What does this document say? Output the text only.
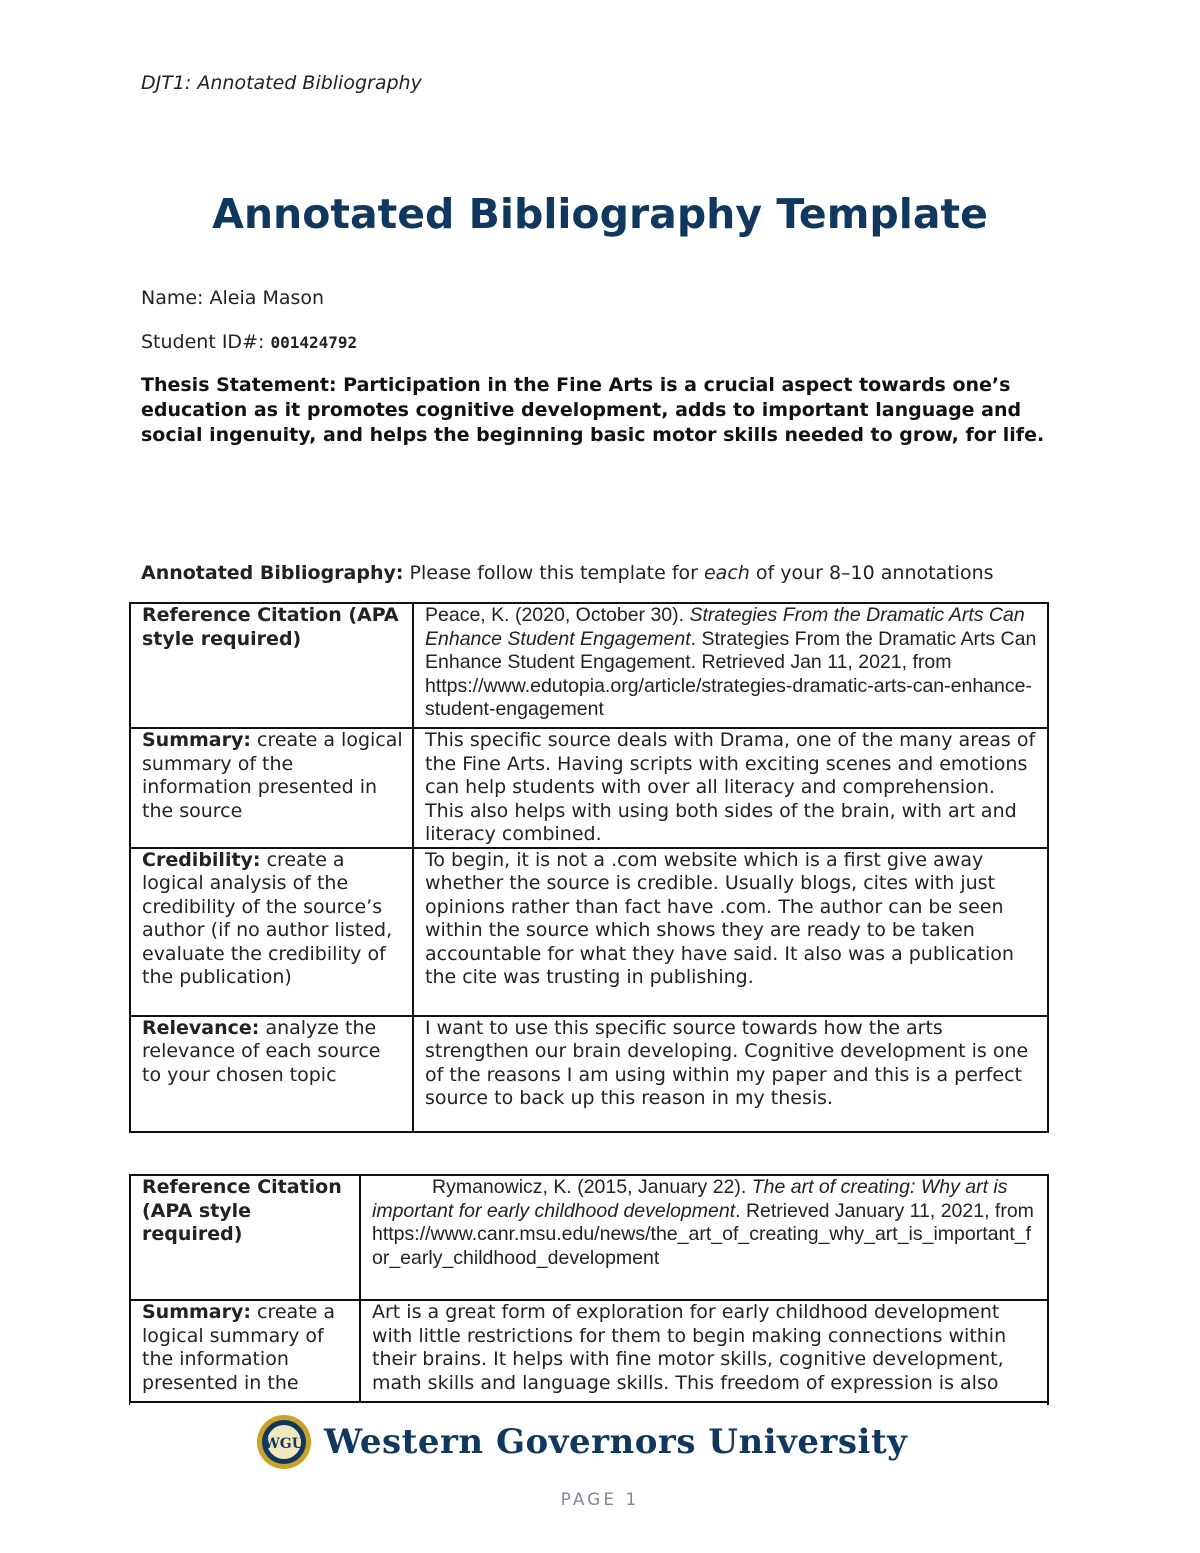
DJT1: Annotated Bibliography
Annotated Bibliography Template
Name: Aleia Mason
Student ID#: 001424792
Thesis Statement: Participation in the Fine Arts is a crucial aspect towards one’s education as it promotes cognitive development, adds to important language and social ingenuity, and helps the beginning basic motor skills needed to grow, for life.
Annotated Bibliography: Please follow this template for each of your 8–10 annotations
Reference Citation (APA style required)	Peace, K. (2020, October 30). Strategies From the Dramatic Arts Can Enhance Student Engagement. Strategies From the Dramatic Arts Can Enhance Student Engagement. Retrieved Jan 11, 2021, from https://www.edutopia.org/article/strategies-dramatic-arts-can-enhance-student-engagement
Summary: create a logical summary of the information presented in the source	This specific source deals with Drama, one of the many areas of the Fine Arts. Having scripts with exciting scenes and emotions can help students with over all literacy and comprehension. This also helps with using both sides of the brain, with art and literacy combined.
Credibility: create a logical analysis of the credibility of the source’s author (if no author listed, evaluate the credibility of the publication)	To begin, it is not a .com website which is a first give away whether the source is credible. Usually blogs, cites with just opinions rather than fact have .com. The author can be seen within the source which shows they are ready to be taken accountable for what they have said. It also was a publication the cite was trusting in publishing.
Relevance: analyze the relevance of each source to your chosen topic	I want to use this specific source towards how the arts strengthen our brain developing. Cognitive development is one of the reasons I am using within my paper and this is a perfect source to back up this reason in my thesis.
Reference Citation (APA style required)	Rymanowicz, K. (2015, January 22). The art of creating: Why art is      important for early childhood development. Retrieved January 11, 2021, from https://www.canr.msu.edu/news/the_art_of_creating_why_art_is_important_for_early_childhood_development
Summary: create a logical summary of the information presented in the	Art is a great form of exploration for early childhood development with little restrictions for them to begin making connections within their brains. It helps with fine motor skills, cognitive development, math skills and language skills. This freedom of expression is also
WGU Western Governors University
PAGE 1
